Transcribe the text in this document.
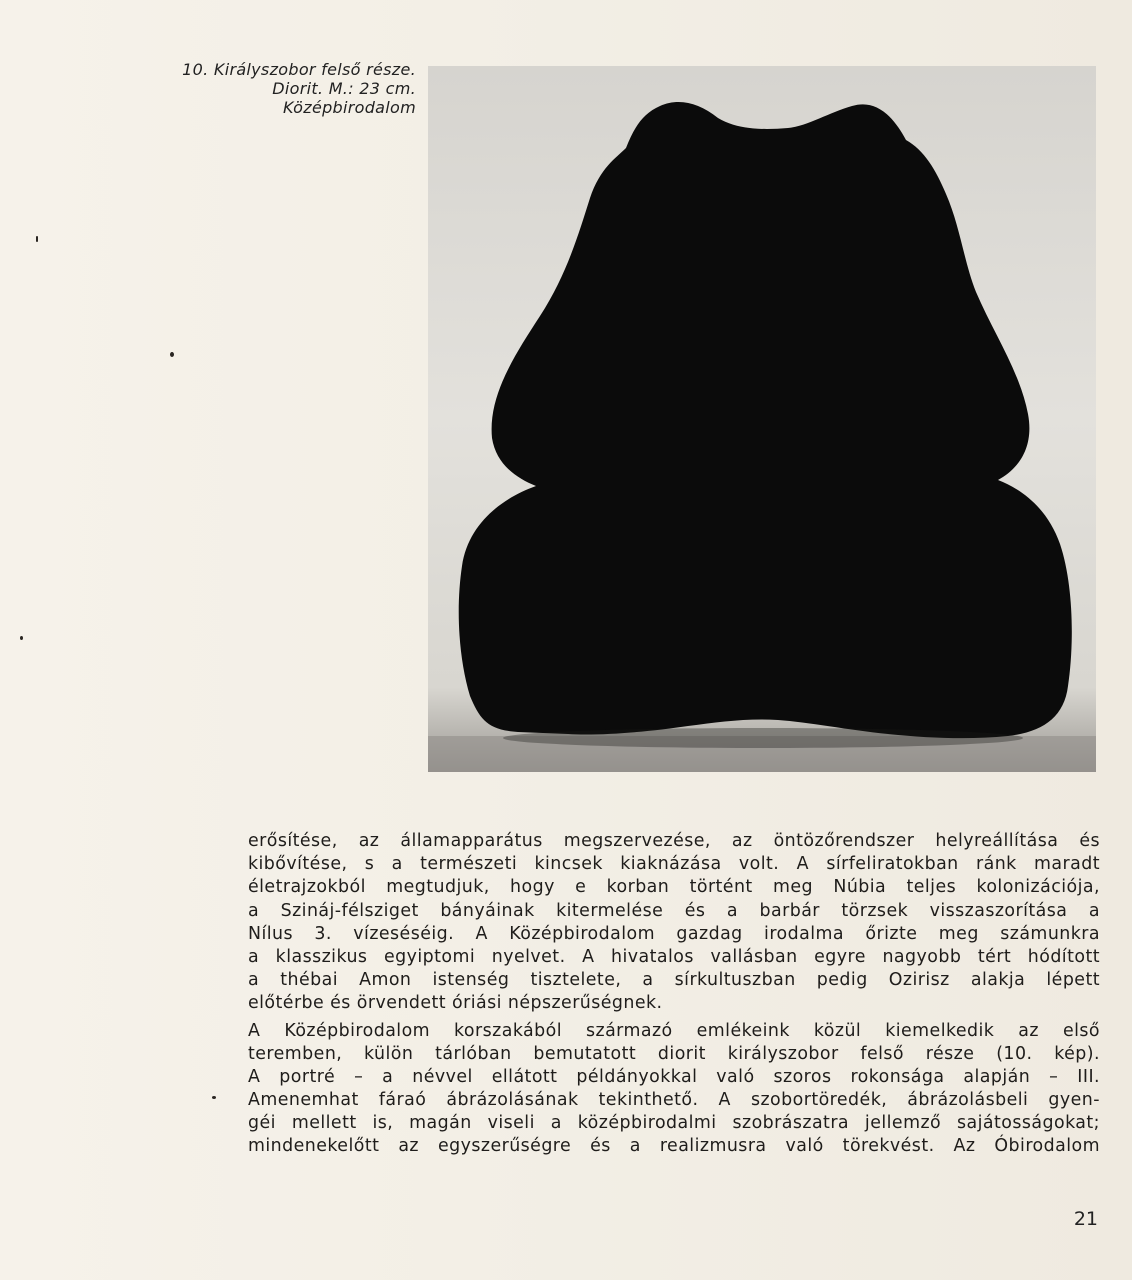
10. Királyszobor felső része.
Diorit. M.: 23 cm.
Középbirodalom
erősítése, az államapparátus megszervezése, az öntözőrendszer helyreállítása és
kibővítése, s a természeti kincsek kiaknázása volt. A sírfeliratokban ránk maradt
életrajzokból megtudjuk, hogy e korban történt meg Núbia teljes kolonizációja,
a Szináj-félsziget bányáinak kitermelése és a barbár törzsek visszaszorítása a
Nílus 3. vízeséséig. A Középbirodalom gazdag irodalma őrizte meg számunkra
a klasszikus egyiptomi nyelvet. A hivatalos vallásban egyre nagyobb tért hódított
a thébai Amon istenség tisztelete, a sírkultuszban pedig Ozirisz alakja lépett
előtérbe és örvendett óriási népszerűségnek.
A Középbirodalom korszakából származó emlékeink közül kiemelkedik az első
teremben, külön tárlóban bemutatott diorit királyszobor felső része (10. kép).
A portré – a névvel ellátott példányokkal való szoros rokonsága alapján – III.
Amenemhat fáraó ábrázolásának tekinthető. A szobortöredék, ábrázolásbeli gyen-
géi mellett is, magán viseli a középbirodalmi szobrászatra jellemző sajátosságokat;
mindenekelőtt az egyszerűségre és a realizmusra való törekvést. Az Óbirodalom
21
